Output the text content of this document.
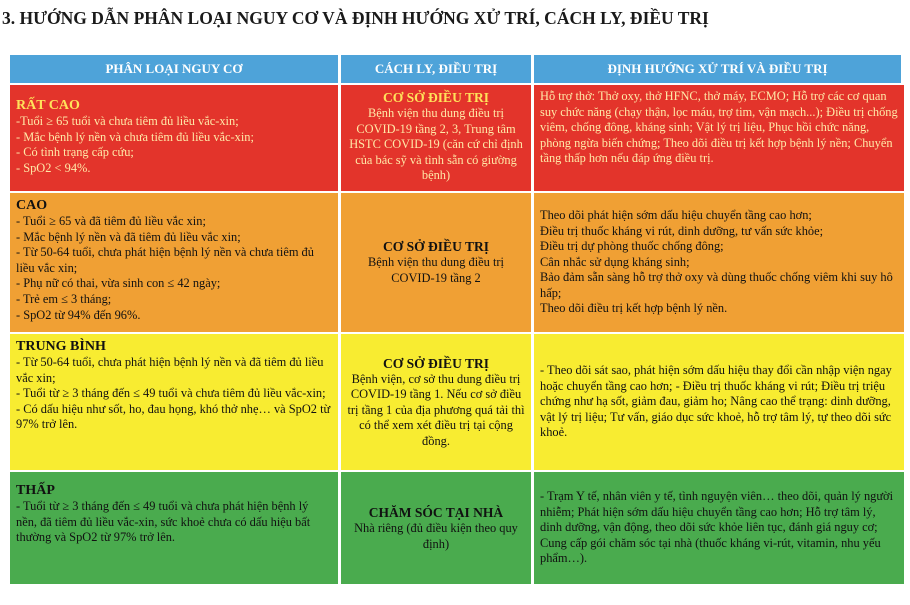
3. HƯỚNG DẪN PHÂN LOẠI NGUY CƠ VÀ ĐỊNH HƯỚNG XỬ TRÍ, CÁCH LY, ĐIỀU TRỊ
PHÂN LOẠI NGUY CƠ	CÁCH LY, ĐIỀU TRỊ	ĐỊNH HƯỚNG XỬ TRÍ VÀ ĐIỀU TRỊ
RẤT CAO
-Tuổi ≥ 65 tuổi và chưa tiêm đủ liều vắc-xin;
- Mắc bệnh lý nền và chưa tiêm đủ liều vắc-xin;
- Có tình trạng cấp cứu;
- SpO2 < 94%.
CƠ SỞ ĐIỀU TRỊ
Bệnh viện thu dung điều trị COVID-19 tầng 2, 3, Trung tâm HSTC COVID-19 (căn cứ chỉ định của bác sỹ và tình sẵn có giường bệnh)
Hỗ trợ thở: Thở oxy, thở HFNC, thở máy, ECMO; Hỗ trợ các cơ quan suy chức năng (chạy thận, lọc máu, trợ tim, vận mạch...); Điều trị chống viêm, chống đông, kháng sinh; Vật lý trị liệu, Phục hồi chức năng, phòng ngừa biến chứng; Theo dõi điều trị kết hợp bệnh lý nền; Chuyển tầng thấp hơn nếu đáp ứng điều trị.
CAO
- Tuổi ≥ 65 và đã tiêm đủ liều vắc xin;
- Mắc bệnh lý nền và đã tiêm đủ liều vắc xin;
- Từ 50-64 tuổi, chưa phát hiện bệnh lý nền và chưa tiêm đủ liều vắc xin;
- Phụ nữ có thai, vừa sinh con ≤ 42 ngày;
- Trẻ em ≤ 3 tháng;
- SpO2 từ 94% đến 96%.
CƠ SỞ ĐIỀU TRỊ
Bệnh viện thu dung điều trị COVID-19 tầng 2
Theo dõi phát hiện sớm dấu hiệu chuyển tầng cao hơn;
Điều trị thuốc kháng vi rút, dinh dưỡng, tư vấn sức khỏe;
Điều trị dự phòng thuốc chống đông;
Cân nhắc sử dụng kháng sinh;
Bảo đảm sẵn sàng hỗ trợ thở oxy và dùng thuốc chống viêm khi suy hô hấp;
Theo dõi điều trị kết hợp bệnh lý nền.
TRUNG BÌNH
- Từ 50-64 tuổi, chưa phát hiện bệnh lý nền và đã tiêm đủ liều vắc xin;
- Tuổi từ ≥ 3 tháng đến ≤ 49 tuổi và chưa tiêm đủ liều vắc-xin;
- Có dấu hiệu như sốt, ho, đau họng, khó thở nhẹ… và SpO2 từ 97% trở lên.
CƠ SỞ ĐIỀU TRỊ
Bệnh viện, cơ sở thu dung điều trị COVID-19 tầng 1. Nếu cơ sở điều trị tầng 1 của địa phương quá tải thì có thể xem xét điều trị tại cộng đồng.
- Theo dõi sát sao, phát hiện sớm dấu hiệu thay đổi cần nhập viện ngay hoặc chuyển tầng cao hơn; - Điều trị thuốc kháng vi rút; Điều trị triệu chứng như hạ sốt, giảm đau, giảm ho; Nâng cao thể trạng: dinh dưỡng, vật lý trị liệu; Tư vấn, giáo dục sức khoẻ, hỗ trợ tâm lý, tự theo dõi sức khoẻ.
THẤP
- Tuổi từ ≥ 3 tháng đến ≤ 49 tuổi và chưa phát hiện bệnh lý nền, đã tiêm đủ liều vắc-xin, sức khoẻ chưa có dấu hiệu bất thường và SpO2 từ 97% trở lên.
CHĂM SÓC TẠI NHÀ
Nhà riêng (đủ điều kiện theo quy định)
- Trạm Y tế, nhân viên y tế, tình nguyện viên… theo dõi, quản lý người nhiễm; Phát hiện sớm dấu hiệu chuyển tầng cao hơn; Hỗ trợ tâm lý, dinh dưỡng, vận động, theo dõi sức khỏe liên tục, đánh giá nguy cơ; Cung cấp gói chăm sóc tại nhà (thuốc kháng vi-rút, vitamin, nhu yếu phẩm…).
